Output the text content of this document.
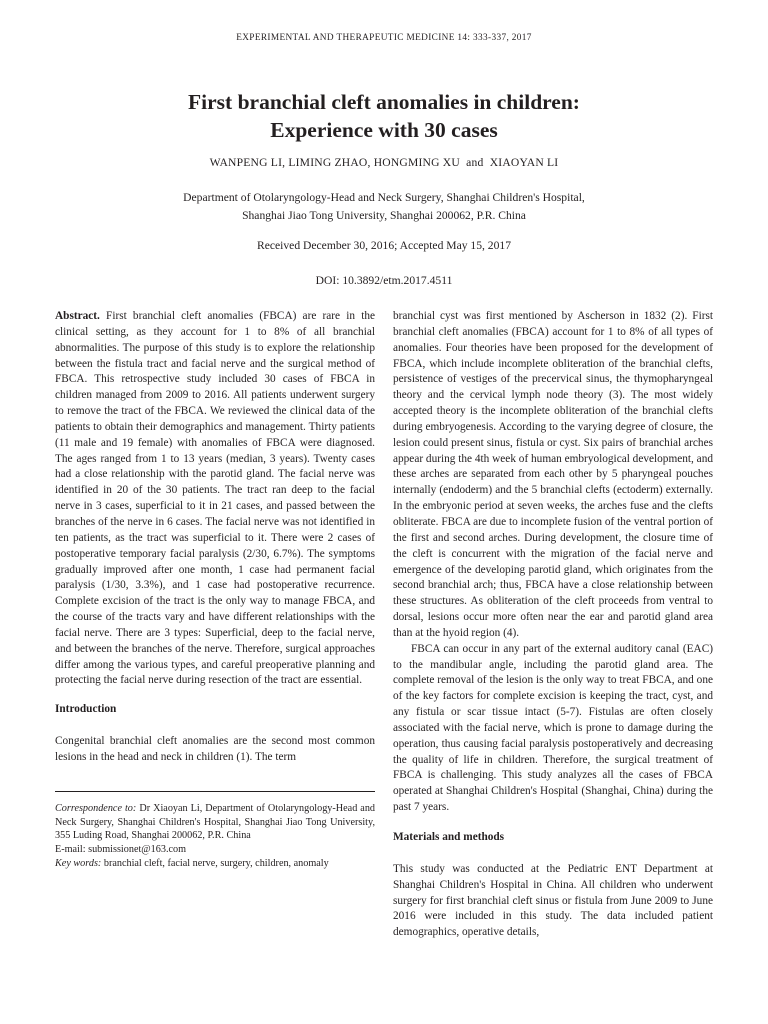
EXPERIMENTAL AND THERAPEUTIC MEDICINE 14: 333-337, 2017
First branchial cleft anomalies in children:
Experience with 30 cases
WANPENG LI, LIMING ZHAO, HONGMING XU and XIAOYAN LI
Department of Otolaryngology-Head and Neck Surgery, Shanghai Children's Hospital,
Shanghai Jiao Tong University, Shanghai 200062, P.R. China
Received December 30, 2016; Accepted May 15, 2017
DOI: 10.3892/etm.2017.4511

Abstract. First branchial cleft anomalies (FBCA) are rare in the clinical setting, as they account for 1 to 8% of all branchial abnormalities. The purpose of this study is to explore the relationship between the fistula tract and facial nerve and the surgical method of FBCA. This retrospective study included 30 cases of FBCA in children managed from 2009 to 2016. All patients underwent surgery to remove the tract of the FBCA. We reviewed the clinical data of the patients to obtain their demographics and management. Thirty patients (11 male and 19 female) with anomalies of FBCA were diagnosed. The ages ranged from 1 to 13 years (median, 3 years). Twenty cases had a close relationship with the parotid gland. The facial nerve was identified in 20 of the 30 patients. The tract ran deep to the facial nerve in 3 cases, superficial to it in 21 cases, and passed between the branches of the nerve in 6 cases. The facial nerve was not identified in ten patients, as the tract was superficial to it. There were 2 cases of postoperative temporary facial paralysis (2/30, 6.7%). The symptoms gradually improved after one month, 1 case had permanent facial paralysis (1/30, 3.3%), and 1 case had postoperative recurrence. Complete excision of the tract is the only way to manage FBCA, and the course of the tracts vary and have different relationships with the facial nerve. There are 3 types: Superficial, deep to the facial nerve, and between the branches of the nerve. Therefore, surgical approaches differ among the various types, and careful preoperative planning and protecting the facial nerve during resection of the tract are essential.

Introduction

Congenital branchial cleft anomalies are the second most common lesions in the head and neck in children (1). The term

Correspondence to: Dr Xiaoyan Li, Department of Otolaryngology-Head and Neck Surgery, Shanghai Children's Hospital, Shanghai Jiao Tong University, 355 Luding Road, Shanghai 200062, P.R. China

E-mail: submissionet@163.com

Key words: branchial cleft, facial nerve, surgery, children, anomaly

branchial cyst was first mentioned by Ascherson in 1832 (2). First branchial cleft anomalies (FBCA) account for 1 to 8% of all types of anomalies. Four theories have been proposed for the development of FBCA, which include incomplete obliteration of the branchial clefts, persistence of vestiges of the precervical sinus, the thymopharyngeal theory and the cervical lymph node theory (3). The most widely accepted theory is the incomplete obliteration of the branchial clefts during embryogenesis. According to the varying degree of closure, the lesion could present sinus, fistula or cyst. Six pairs of branchial arches appear during the 4th week of human embryological development, and these arches are separated from each other by 5 pharyngeal pouches internally (endoderm) and the 5 branchial clefts (ectoderm) externally. In the embryonic period at seven weeks, the arches fuse and the clefts obliterate. FBCA are due to incomplete fusion of the ventral portion of the first and second arches. During development, the closure time of the cleft is concurrent with the migration of the facial nerve and emergence of the developing parotid gland, which originates from the second branchial arch; thus, FBCA have a close relationship between these structures. As obliteration of the cleft proceeds from ventral to dorsal, lesions occur more often near the ear and parotid gland area than at the hyoid region (4).

FBCA can occur in any part of the external auditory canal (EAC) to the mandibular angle, including the parotid gland area. The complete removal of the lesion is the only way to treat FBCA, and one of the key factors for complete excision is keeping the tract, cyst, and any fistula or scar tissue intact (5-7). Fistulas are often closely associated with the facial nerve, which is prone to damage during the operation, thus causing facial paralysis postoperatively and decreasing the quality of life in children. Therefore, the surgical treatment of FBCA is challenging. This study analyzes all the cases of FBCA operated at Shanghai Children's Hospital (Shanghai, China) during the past 7 years.

Materials and methods

This study was conducted at the Pediatric ENT Department at Shanghai Children's Hospital in China. All children who underwent surgery for first branchial cleft sinus or fistula from June 2009 to June 2016 were included in this study. The data included patient demographics, operative details,
